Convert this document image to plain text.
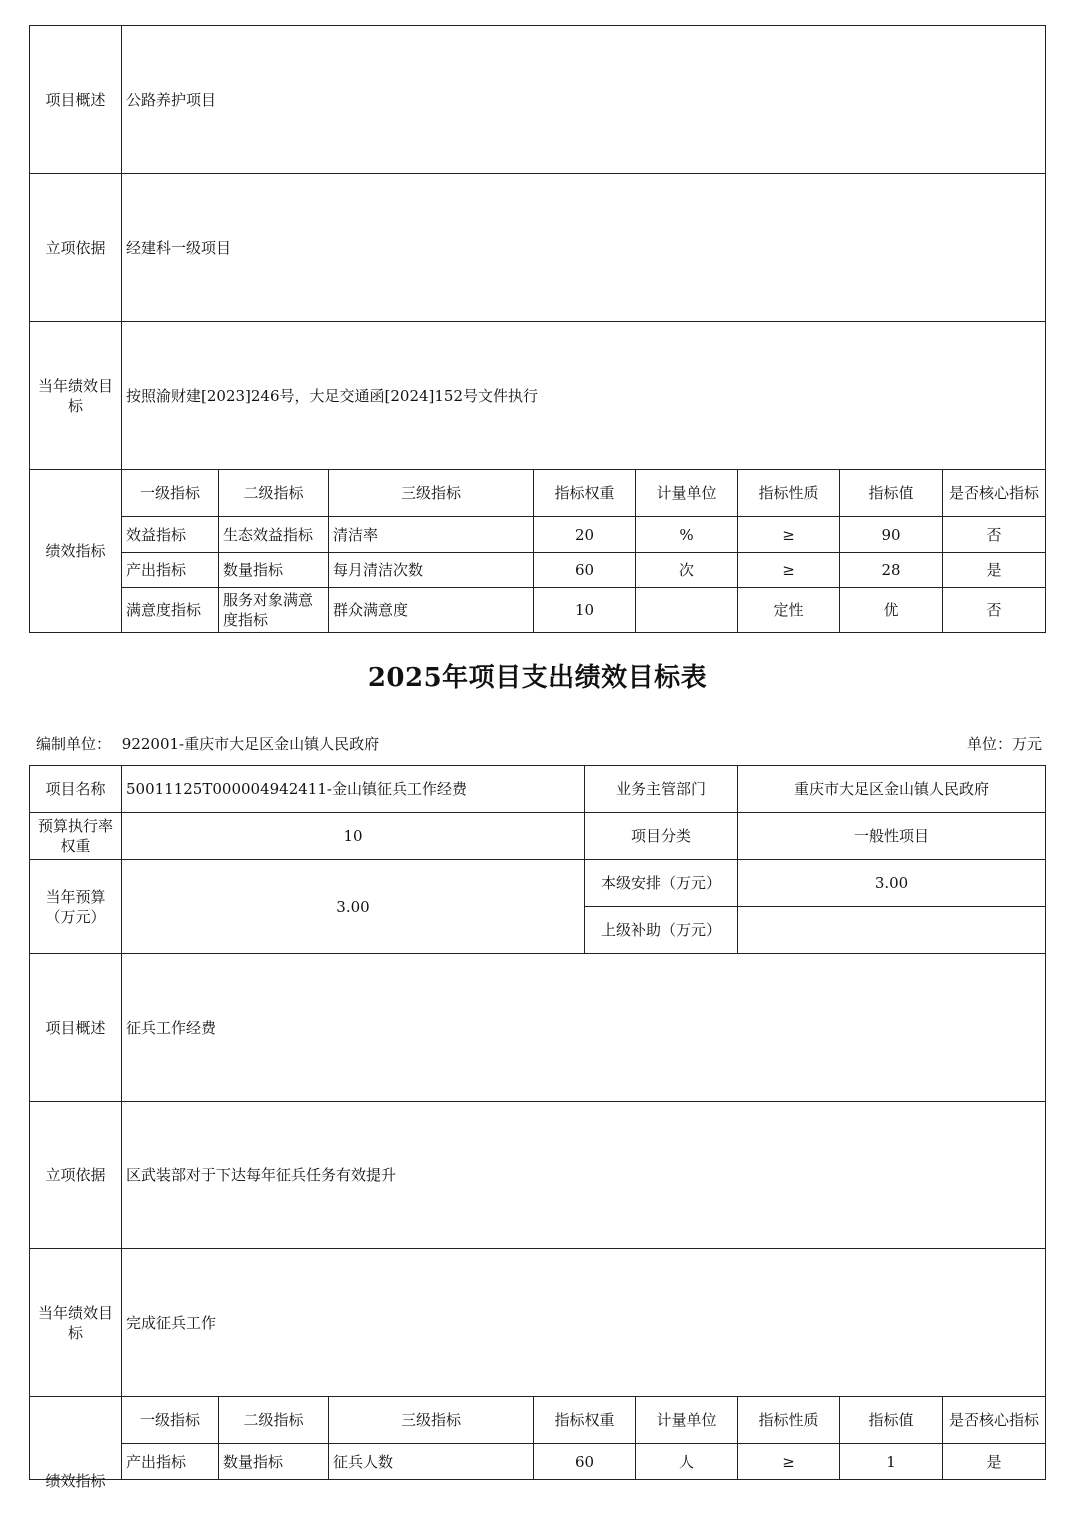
项目概述	公路养护项目							
立项依据	经建科一级项目							
当年绩效目标	按照渝财建[2023]246号，大足交通函[2024]152号文件执行							
绩效指标	一级指标	二级指标	三级指标	指标权重	计量单位	指标性质	指标值	是否核心指标
	效益指标	生态效益指标	清洁率	20	%	≥	90	否
	产出指标	数量指标	每月清洁次数	60	次	≥	28	是
	满意度指标	服务对象满意度指标	群众满意度	10		定性	优	否
2025年项目支出绩效目标表
编制单位： 922001-重庆市大足区金山镇人民政府	单位：万元
项目名称	50011125T000004942411-金山镇征兵工作经费				业务主管部门		重庆市大足区金山镇人民政府		
预算执行率权重	10				项目分类		一般性项目		
当年预算（万元）	3.00				本级安排（万元）		3.00		
					上级补助（万元）				
项目概述	征兵工作经费								
立项依据	区武装部对于下达每年征兵任务有效提升								
当年绩效目标	完成征兵工作								

绩效指标	一级指标	二级指标	三级指标	指标权重		计量单位	指标性质	指标值	是否核心指标
	产出指标	数量指标	征兵人数	60		人	≥	1	是
